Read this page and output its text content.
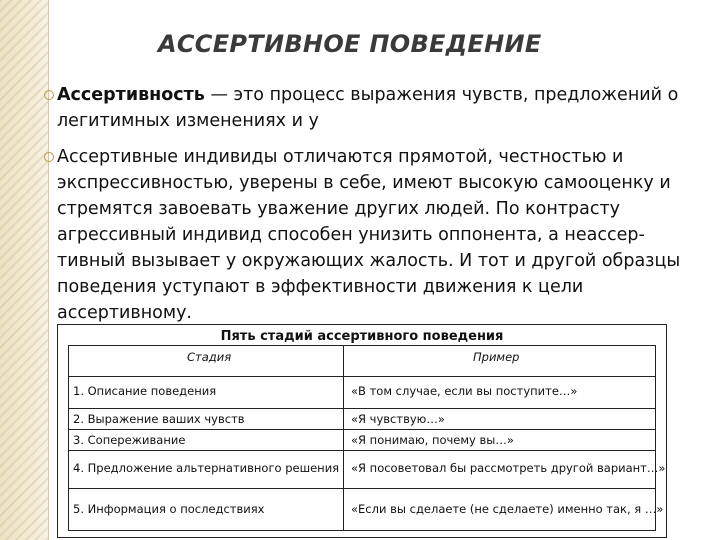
АССЕРТИВНОЕ ПОВЕДЕНИЕ
Ассертивность — это процесс выражения чувств, предложений о
легитимных изменениях и у
Ассертивные индивиды отличаются прямотой, честностью и
экспрессивностью, уверены в себе, имеют высокую самооценку и
стремятся завоевать уважение других людей. По контрасту
агрессивный индивид способен унизить оппонента, а неассер-
тивный вызывает у окружающих жалость. И тот и другой образцы
поведения уступают в эффективности движения к цели
ассертивному.
Пять стадий ассертивного поведения
Стадия	Пример
1. Описание поведения	«В том случае, если вы поступите…»
2. Выражение ваших чувств	«Я чувствую…»
3. Сопереживание	«Я понимаю, почему вы…»
4. Предложение альтернативного решения «Я посоветовал бы рассмотреть другой вариант…»
5. Информация о последствиях	«Если вы сделаете (не сделаете) именно так, я …»
